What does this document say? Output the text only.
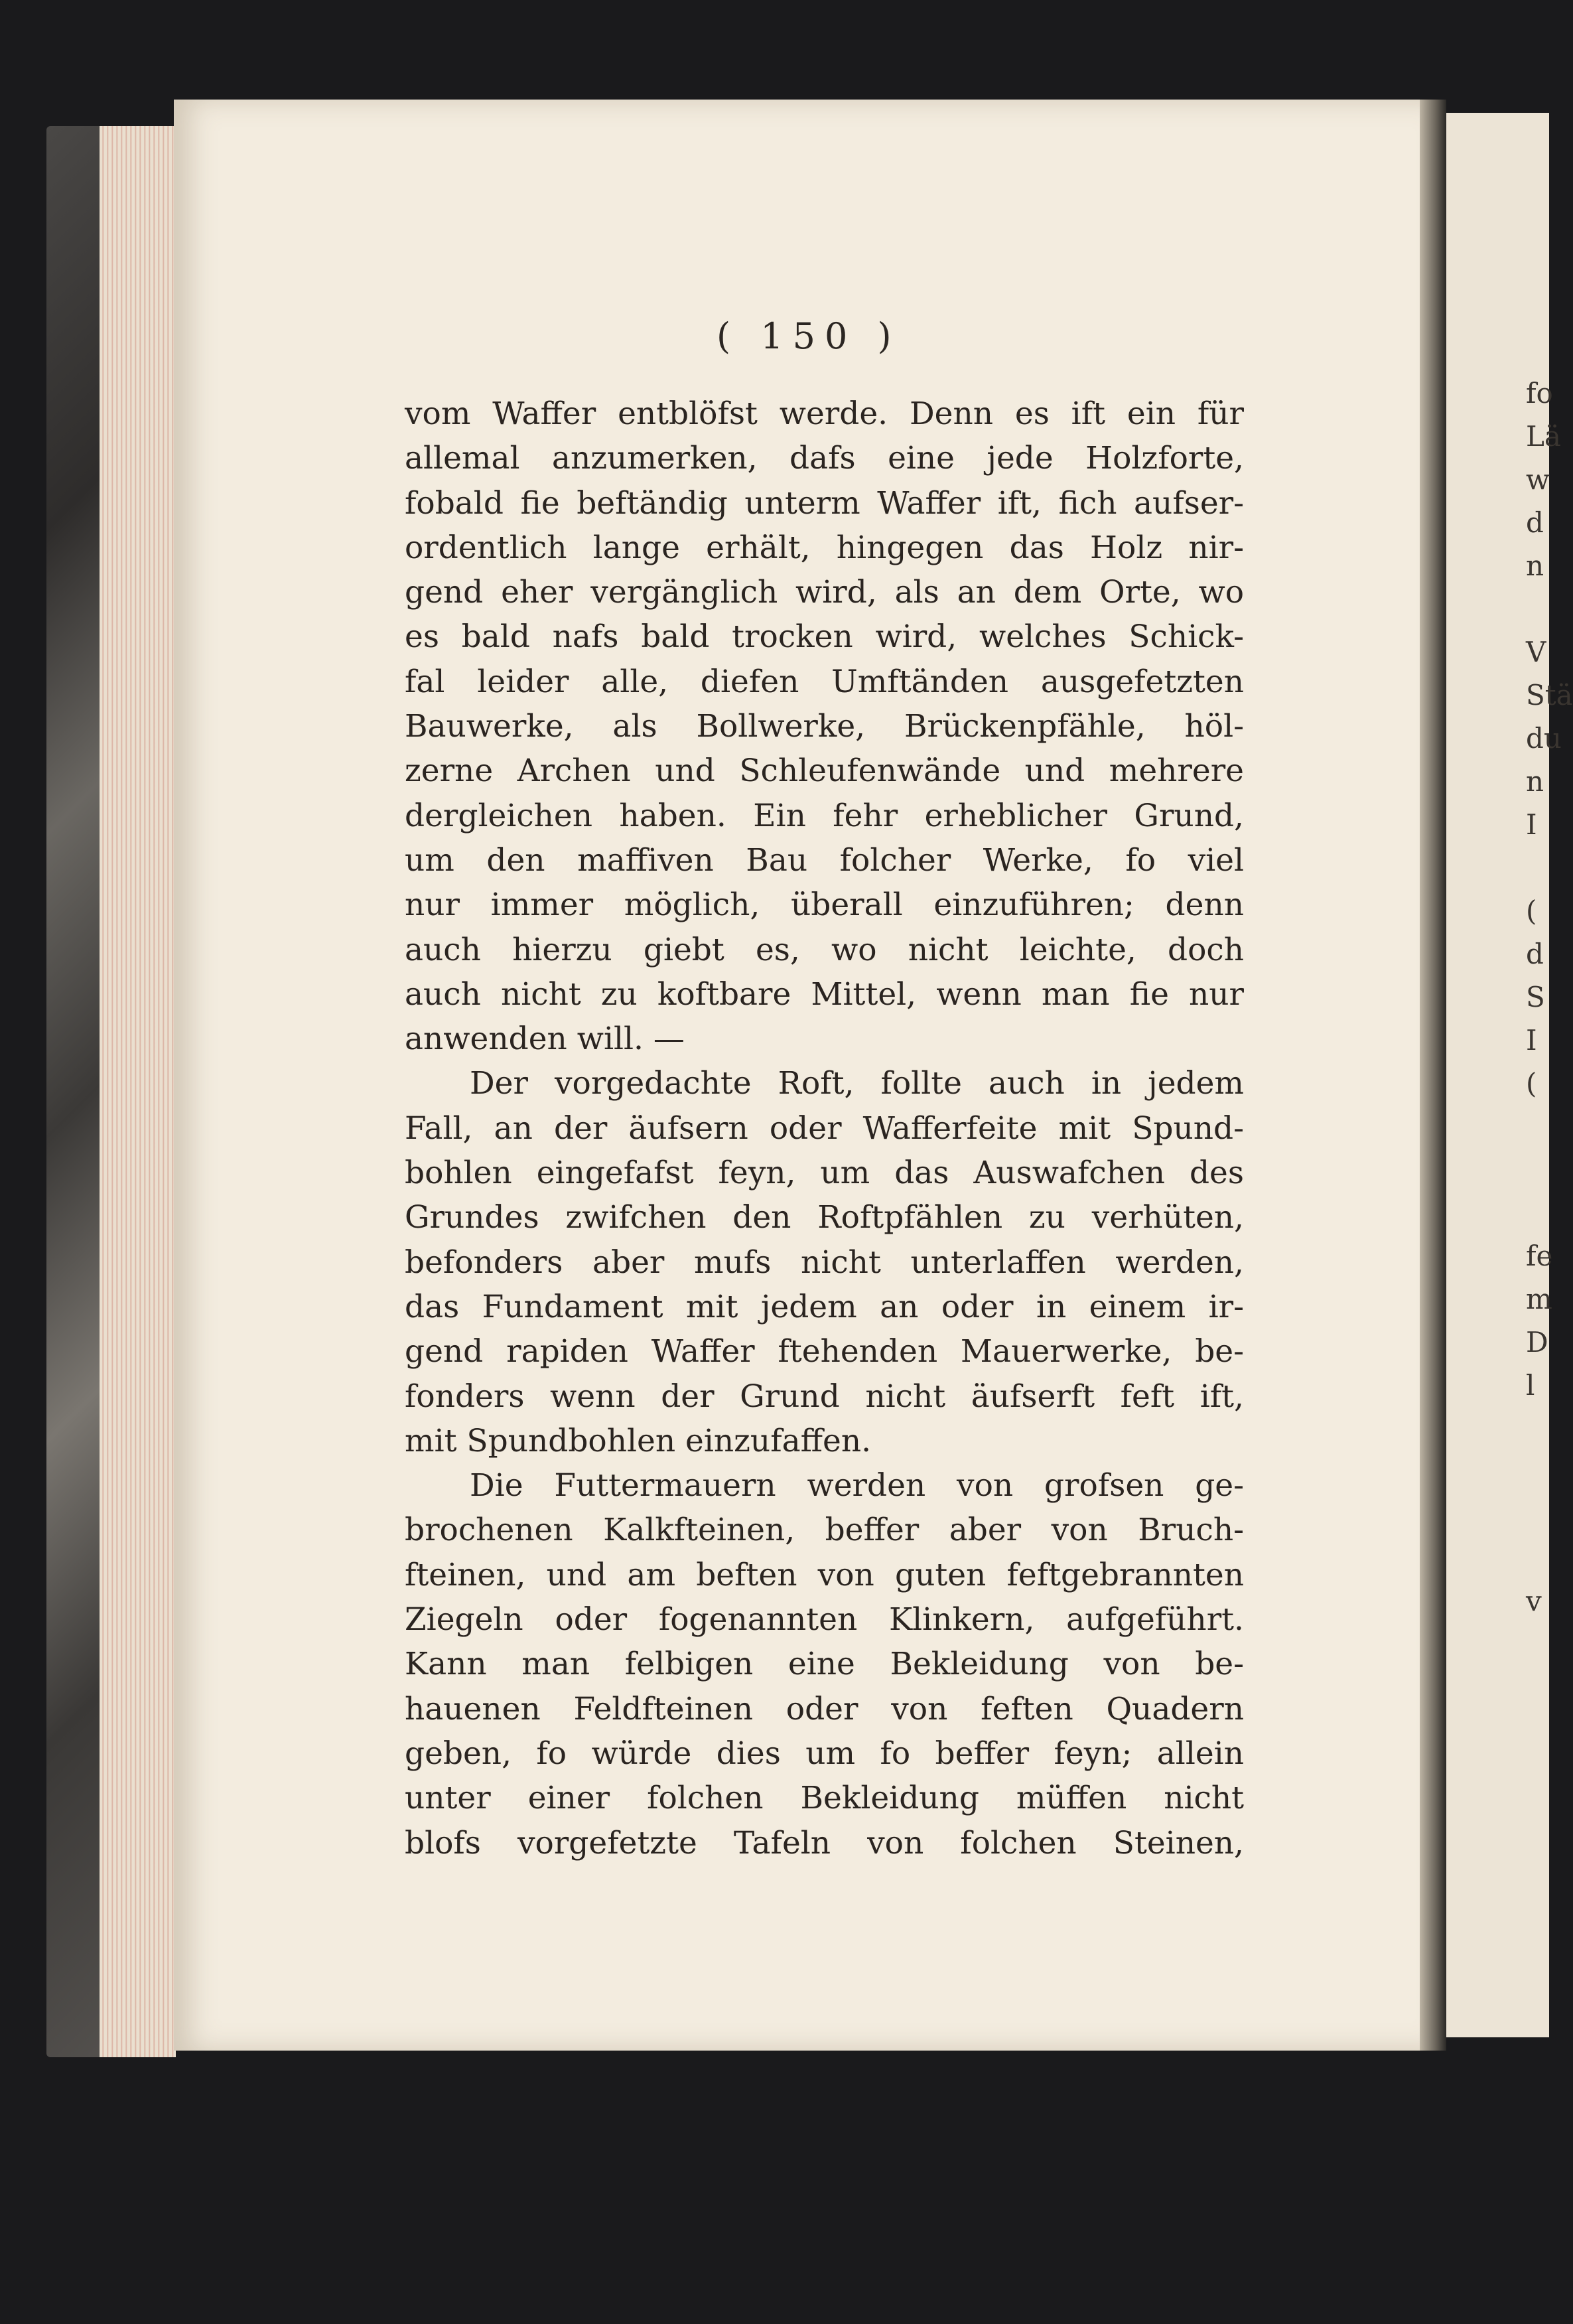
fo
Lä
w
d
n

V
Stä
du
n
I

(
d
S
I
(

fe
m
D
l

v
( 150 )
vom Waffer entblöfst werde. Denn es ift ein für
allemal anzumerken, dafs eine jede Holzforte,
fobald fie beftändig unterm Waffer ift, fich aufser-
ordentlich lange erhält, hingegen das Holz nir-
gend eher vergänglich wird, als an dem Orte, wo
es bald nafs bald trocken wird, welches Schick-
fal leider alle, diefen Umftänden ausgefetzten
Bauwerke, als Bollwerke, Brückenpfähle, höl-
zerne Archen und Schleufenwände und mehrere
dergleichen haben. Ein fehr erheblicher Grund,
um den maffiven Bau folcher Werke, fo viel
nur immer möglich, überall einzuführen; denn
auch hierzu giebt es, wo nicht leichte, doch
auch nicht zu koftbare Mittel, wenn man fie nur
anwenden will. —
Der vorgedachte Roft, follte auch in jedem
Fall, an der äufsern oder Wafferfeite mit Spund-
bohlen eingefafst feyn, um das Auswafchen des
Grundes zwifchen den Roftpfählen zu verhüten,
befonders aber mufs nicht unterlaffen werden,
das Fundament mit jedem an oder in einem ir-
gend rapiden Waffer ftehenden Mauerwerke, be-
fonders wenn der Grund nicht äufserft feft ift,
mit Spundbohlen einzufaffen.
Die Futtermauern werden von grofsen ge-
brochenen Kalkfteinen, beffer aber von Bruch-
fteinen, und am beften von guten feftgebrannten
Ziegeln oder fogenannten Klinkern, aufgeführt.
Kann man felbigen eine Bekleidung von be-
hauenen Feldfteinen oder von feften Quadern
geben, fo würde dies um fo beffer feyn; allein
unter einer folchen Bekleidung müffen nicht
blofs vorgefetzte Tafeln von folchen Steinen,
